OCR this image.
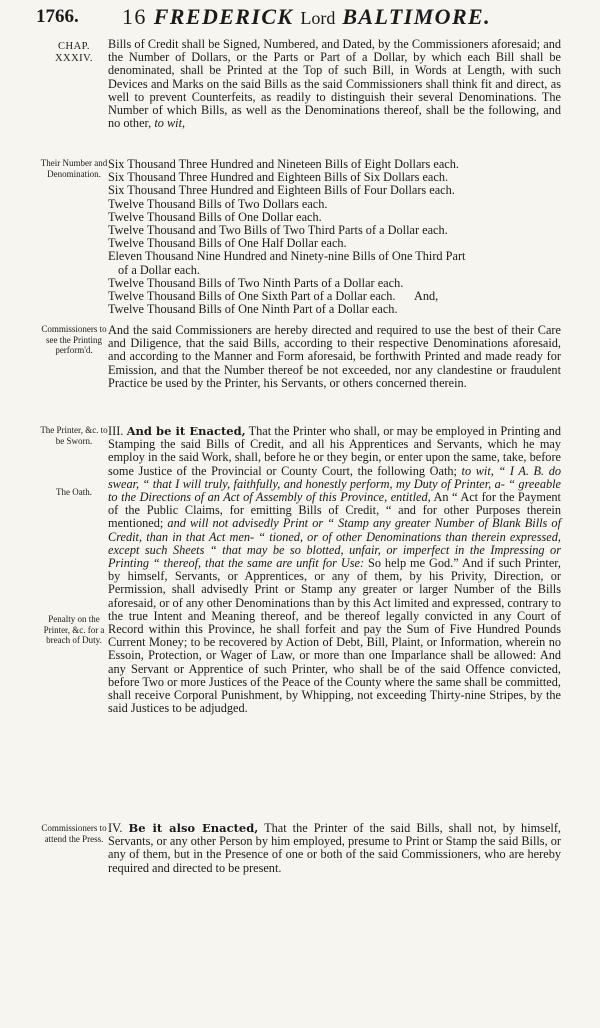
1766. 16 FREDERICK Lord BALTIMORE.
CHAP. XXXIV.
Their Number and Denomination.
Commissioners to see the Printing perform'd.
The Printer, &c. to be Sworn.
The Oath.
Penalty on the Printer, &c. for a breach of Duty.
Commissioners to attend the Press.

Bills of Credit shall be Signed, Numbered, and Dated, by the Commissioners aforesaid; and the Number of Dollars, or the Parts or Part of a Dollar, by which each Bill shall be denominated, shall be Printed at the Top of such Bill, in Words at Length, with such Devices and Marks on the said Bills as the said Commissioners shall think fit and direct, as well to prevent Counterfeits, as readily to distinguish their several Denominations. The Number of which Bills, as well as the Denominations thereof, shall be the following, and no other, to wit,

Six Thousand Three Hundred and Nineteen Bills of Eight Dollars each.
Six Thousand Three Hundred and Eighteen Bills of Six Dollars each.
Six Thousand Three Hundred and Eighteen Bills of Four Dollars each.
Twelve Thousand Bills of Two Dollars each.
Twelve Thousand Bills of One Dollar each.
Twelve Thousand and Two Bills of Two Third Parts of a Dollar each.
Twelve Thousand Bills of One Half Dollar each.
Eleven Thousand Nine Hundred and Ninety-nine Bills of One Third Part
of a Dollar each.
Twelve Thousand Bills of Two Ninth Parts of a Dollar each.
Twelve Thousand Bills of One Sixth Part of a Dollar each. And,
Twelve Thousand Bills of One Ninth Part of a Dollar each.

And the said Commissioners are hereby directed and required to use the best of their Care and Diligence, that the said Bills, according to their respective Denominations aforesaid, and according to the Manner and Form aforesaid, be forthwith Printed and made ready for Emission, and that the Number thereof be not exceeded, nor any clandestine or fraudulent Practice be used by the Printer, his Servants, or others concerned therein.

III. And be it Enacted, That the Printer who shall, or may be employed in Printing and Stamping the said Bills of Credit, and all his Apprentices and Servants, which he may employ in the said Work, shall, before he or they begin, or enter upon the same, take, before some Justice of the Provincial or County Court, the following Oath; to wit, “ I A. B. do swear, “ that I will truly, faithfully, and honestly perform, my Duty of Printer, a- “ greeable to the Directions of an Act of Assembly of this Province, entitled, An “ Act for the Payment of the Public Claims, for emitting Bills of Credit, “ and for other Purposes therein mentioned; and will not advisedly Print or “ Stamp any greater Number of Blank Bills of Credit, than in that Act men- “ tioned, or of other Denominations than therein expressed, except such Sheets “ that may be so blotted, unfair, or imperfect in the Impressing or Printing “ thereof, that the same are unfit for Use: So help me God.” And if such Printer, by himself, Servants, or Apprentices, or any of them, by his Privity, Direction, or Permission, shall advisedly Print or Stamp any greater or larger Number of the Bills aforesaid, or of any other Denominations than by this Act limited and expressed, contrary to the true Intent and Meaning thereof, and be thereof legally convicted in any Court of Record within this Province, he shall forfeit and pay the Sum of Five Hundred Pounds Current Money; to be recovered by Action of Debt, Bill, Plaint, or Information, wherein no Essoin, Protection, or Wager of Law, or more than one Imparlance shall be allowed: And any Servant or Apprentice of such Printer, who shall be of the said Offence convicted, before Two or more Justices of the Peace of the County where the same shall be committed, shall receive Corporal Punishment, by Whipping, not exceeding Thirty-nine Stripes, by the said Justices to be adjudged.

IV. Be it also Enacted, That the Printer of the said Bills, shall not, by himself, Servants, or any other Person by him employed, presume to Print or Stamp the said Bills, or any of them, but in the Presence of one or both of the said Commissioners, who are hereby required and directed to be present.
